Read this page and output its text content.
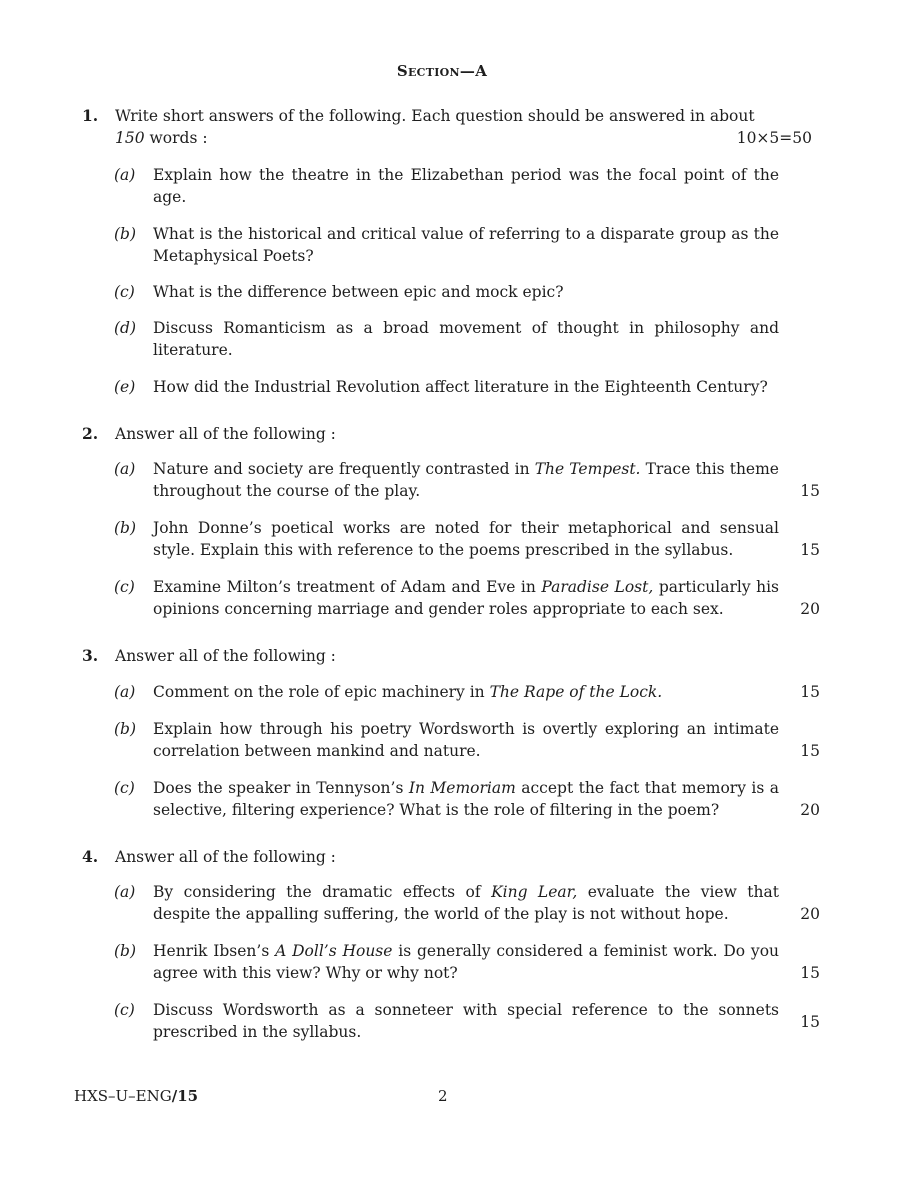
Section—A
1. Write short answers of the following. Each question should be answered in about
150 words :	10×5=50
(a) Explain how the theatre in the Elizabethan period was the focal point of the age.
(b) What is the historical and critical value of referring to a disparate group as the Metaphysical Poets?
(c) What is the difference between epic and mock epic?
(d) Discuss Romanticism as a broad movement of thought in philosophy and literature.
(e) How did the Industrial Revolution affect literature in the Eighteenth Century?
2. Answer all of the following :
(a) Nature and society are frequently contrasted in The Tempest. Trace this theme throughout the course of the play.	15
(b) John Donne’s poetical works are noted for their metaphorical and sensual style. Explain this with reference to the poems prescribed in the syllabus.	15
(c) Examine Milton’s treatment of Adam and Eve in Paradise Lost, particularly his opinions concerning marriage and gender roles appropriate to each sex.	20
3. Answer all of the following :
(a) Comment on the role of epic machinery in The Rape of the Lock.	15
(b) Explain how through his poetry Wordsworth is overtly exploring an intimate correlation between mankind and nature.	15
(c) Does the speaker in Tennyson’s In Memoriam accept the fact that memory is a selective, filtering experience? What is the role of filtering in the poem?	20
4. Answer all of the following :
(a) By considering the dramatic effects of King Lear, evaluate the view that despite the appalling suffering, the world of the play is not without hope.	20
(b) Henrik Ibsen’s A Doll’s House is generally considered a feminist work. Do you agree with this view? Why or why not?	15
(c) Discuss Wordsworth as a sonneteer with special reference to the sonnets prescribed in the syllabus.
15
HXS–U–ENG/15	2
